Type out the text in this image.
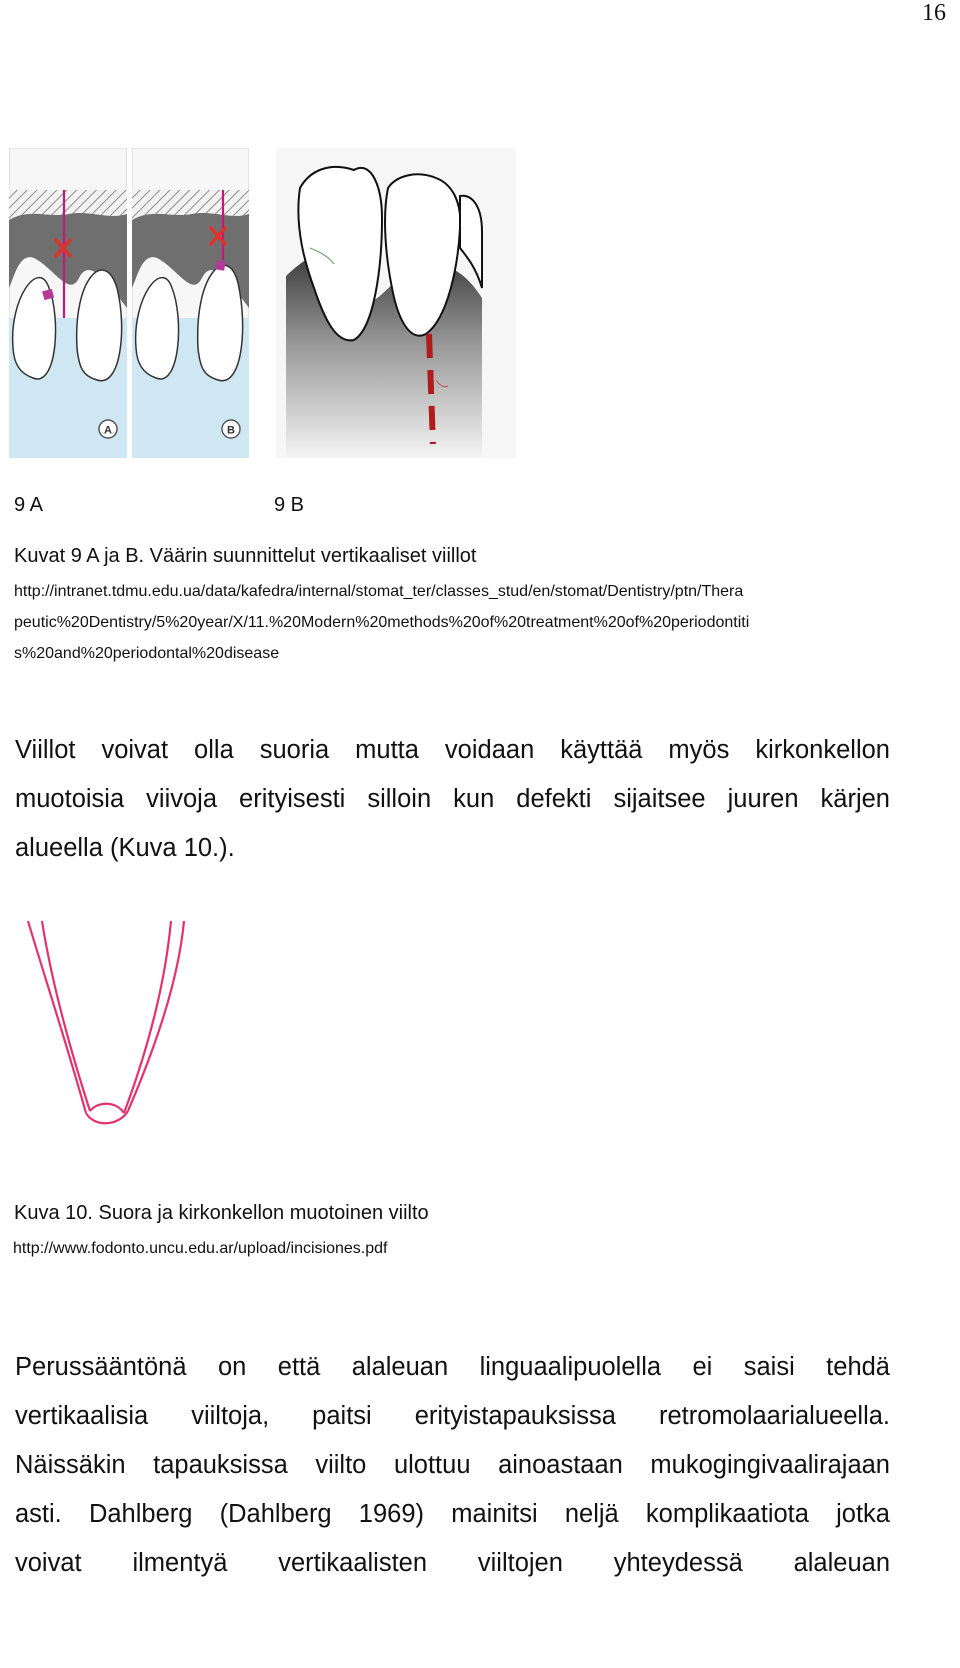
16
A	B
9 A	9 B
Kuvat 9 A ja B. Väärin suunnittelut vertikaaliset viillot
http://intranet.tdmu.edu.ua/data/kafedra/internal/stomat_ter/classes_stud/en/stomat/Dentistry/ptn/Thera
peutic%20Dentistry/5%20year/X/11.%20Modern%20methods%20of%20treatment%20of%20periodontiti
s%20and%20periodontal%20disease
Viillot voivat olla suoria mutta voidaan käyttää myös kirkonkellon
muotoisia viivoja erityisesti silloin kun defekti sijaitsee juuren kärjen
alueella (Kuva 10.).
Kuva 10. Suora ja kirkonkellon muotoinen viilto
http://www.fodonto.uncu.edu.ar/upload/incisiones.pdf
Perussääntönä on että alaleuan linguaalipuolella ei saisi tehdä
vertikaalisia viiltoja, paitsi erityistapauksissa retromolaarialueella.
Näissäkin tapauksissa viilto ulottuu ainoastaan mukogingivaalirajaan
asti. Dahlberg (Dahlberg 1969) mainitsi neljä komplikaatiota jotka
voivat ilmentyä vertikaalisten viiltojen yhteydessä alaleuan
